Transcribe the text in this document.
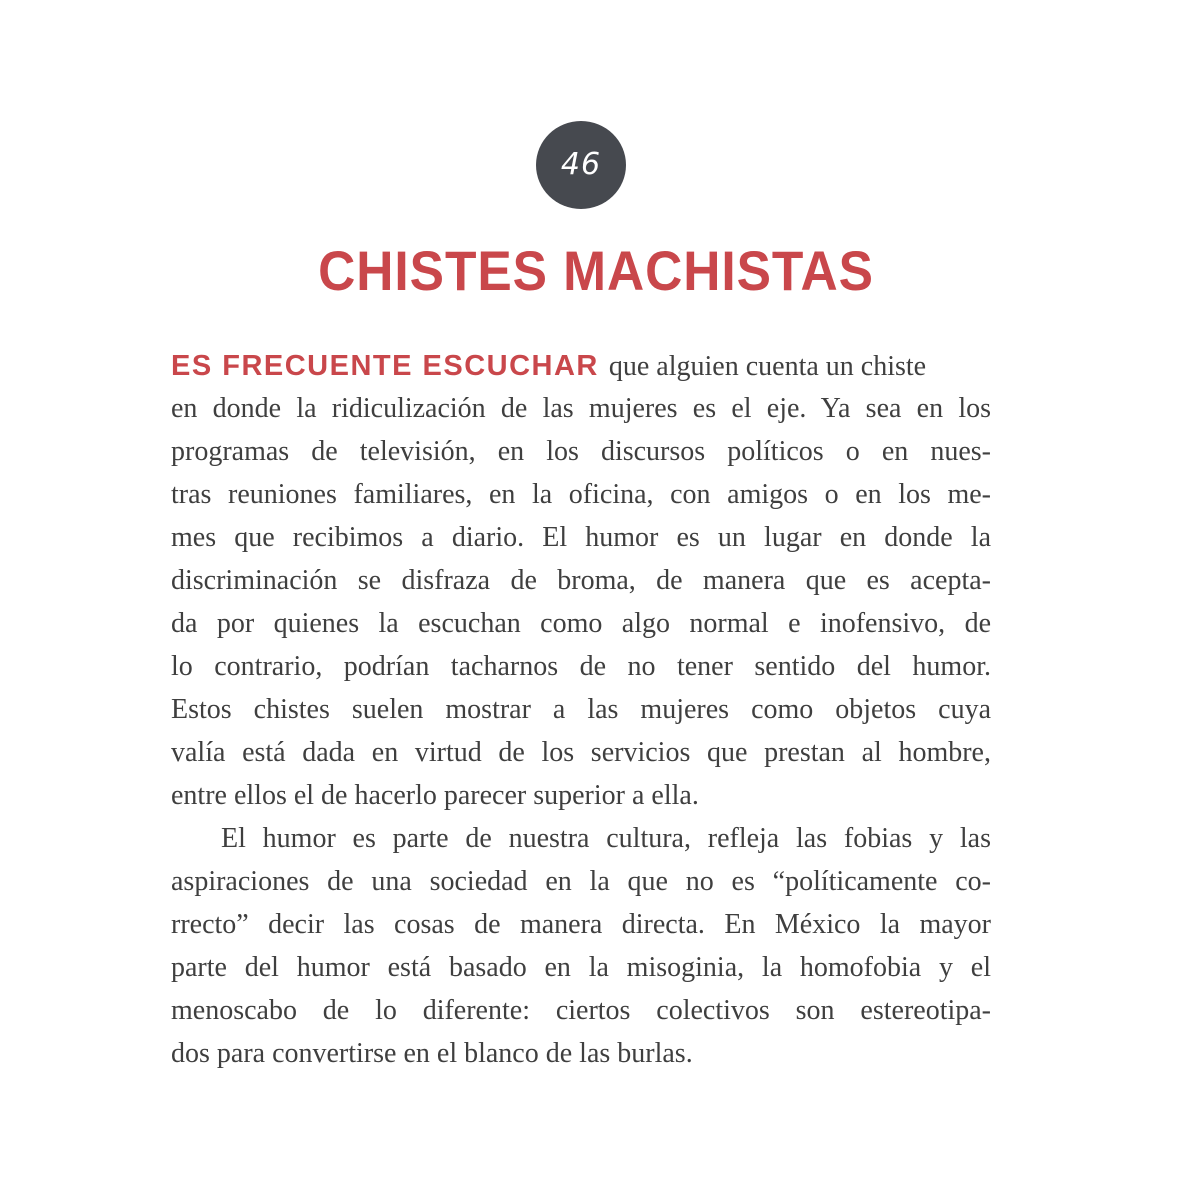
46
CHISTES MACHISTAS
ES FRECUENTE ESCUCHAR que alguien cuenta un chiste
en donde la ridiculización de las mujeres es el eje. Ya sea en los
programas de televisión, en los discursos políticos o en nues-
tras reuniones familiares, en la oficina, con amigos o en los me-
mes que recibimos a diario. El humor es un lugar en donde la
discriminación se disfraza de broma, de manera que es acepta-
da por quienes la escuchan como algo normal e inofensivo, de
lo contrario, podrían tacharnos de no tener sentido del humor.
Estos chistes suelen mostrar a las mujeres como objetos cuya
valía está dada en virtud de los servicios que prestan al hombre,
entre ellos el de hacerlo parecer superior a ella.
El humor es parte de nuestra cultura, refleja las fobias y las
aspiraciones de una sociedad en la que no es “políticamente co-
rrecto” decir las cosas de manera directa. En México la mayor
parte del humor está basado en la misoginia, la homofobia y el
menoscabo de lo diferente: ciertos colectivos son estereotipa-
dos para convertirse en el blanco de las burlas.
